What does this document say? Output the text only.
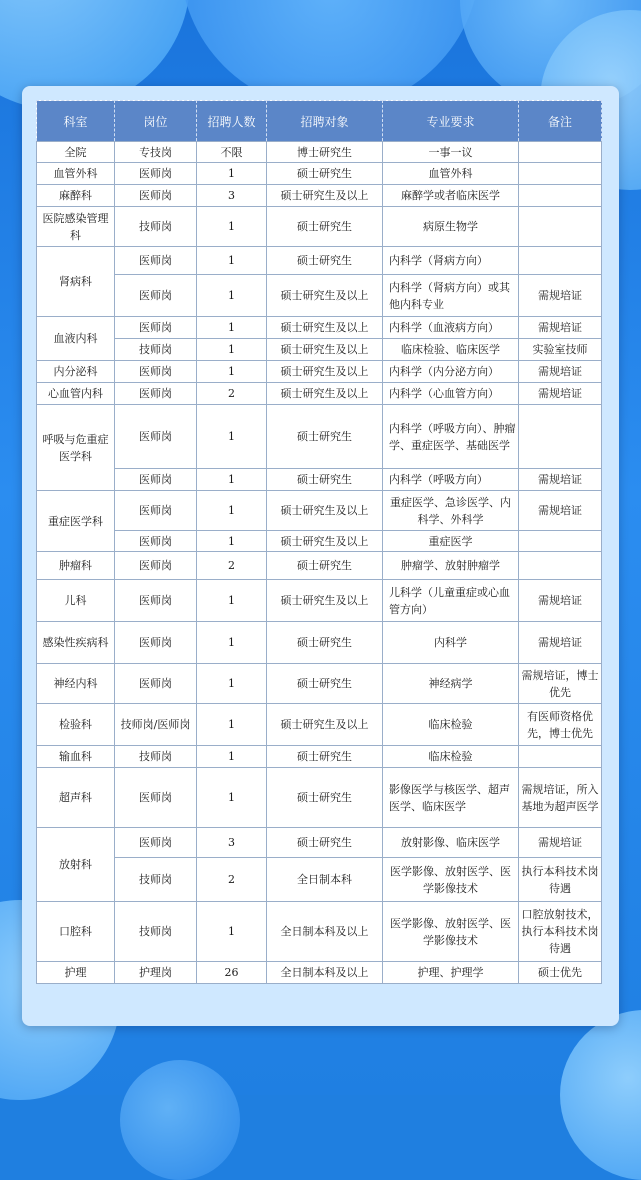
科室	岗位	招聘人数	招聘对象	专业要求	备注
全院	专技岗	不限	博士研究生	一事一议	
血管外科	医师岗	1	硕士研究生	血管外科	
麻醉科	医师岗	3	硕士研究生及以上	麻醉学或者临床医学	
医院感染管理科	技师岗	1	硕士研究生	病原生物学	
肾病科	医师岗	1	硕士研究生	内科学（肾病方向）	
	医师岗	1	硕士研究生及以上	内科学（肾病方向）或其他内科专业	需规培证
血液内科	医师岗	1	硕士研究生及以上	内科学（血液病方向）	需规培证
	技师岗	1	硕士研究生及以上	临床检验、临床医学	实验室技师
内分泌科	医师岗	1	硕士研究生及以上	内科学（内分泌方向）	需规培证
心血管内科	医师岗	2	硕士研究生及以上	内科学（心血管方向）	需规培证
呼吸与危重症医学科	医师岗	1	硕士研究生	内科学（呼吸方向）、肿瘤学、重症医学、基础医学	
	医师岗	1	硕士研究生	内科学（呼吸方向）	需规培证
重症医学科	医师岗	1	硕士研究生及以上	重症医学、急诊医学、内科学、外科学	需规培证
	医师岗	1	硕士研究生及以上	重症医学	
肿瘤科	医师岗	2	硕士研究生	肿瘤学、放射肿瘤学	
儿科	医师岗	1	硕士研究生及以上	儿科学（儿童重症或心血管方向）	需规培证
感染性疾病科	医师岗	1	硕士研究生	内科学	需规培证
神经内科	医师岗	1	硕士研究生	神经病学	需规培证，博士优先
检验科	技师岗/医师岗	1	硕士研究生及以上	临床检验	有医师资格优先，博士优先
输血科	技师岗	1	硕士研究生	临床检验	
超声科	医师岗	1	硕士研究生	影像医学与核医学、超声医学、临床医学	需规培证，所入基地为超声医学
放射科	医师岗	3	硕士研究生	放射影像、临床医学	需规培证
	技师岗	2	全日制本科	医学影像、放射医学、医学影像技术	执行本科技术岗待遇
口腔科	技师岗	1	全日制本科及以上	医学影像、放射医学、医学影像技术	口腔放射技术，执行本科技术岗待遇
护理	护理岗	26	全日制本科及以上	护理、护理学	硕士优先
